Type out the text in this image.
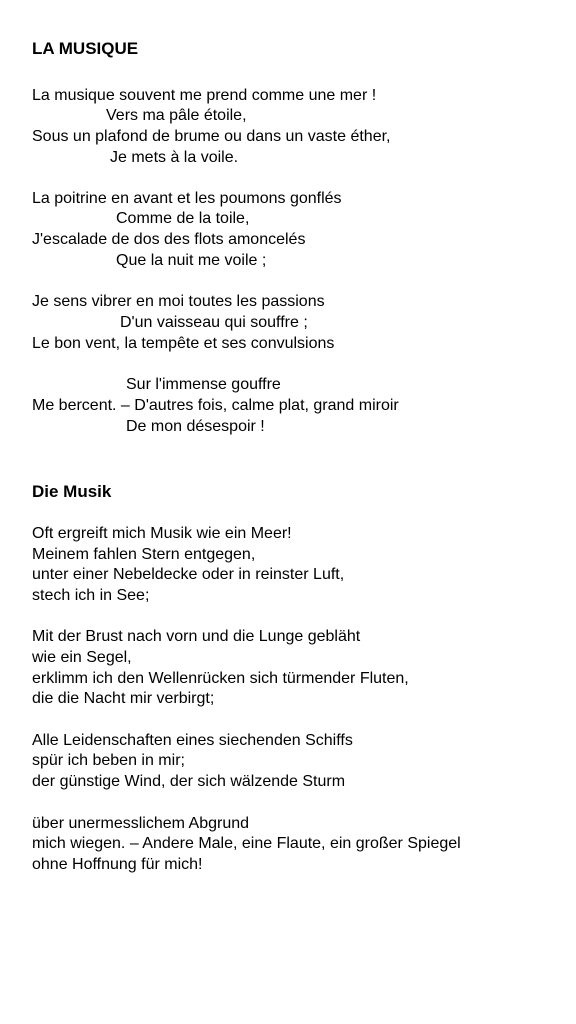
LA MUSIQUE
La musique souvent me prend comme une mer !
Vers ma pâle étoile,
Sous un plafond de brume ou dans un vaste éther,
Je mets à la voile.
La poitrine en avant et les poumons gonflés
Comme de la toile,
J'escalade de dos des flots amoncelés
Que la nuit me voile ;
Je sens vibrer en moi toutes les passions
D'un vaisseau qui souffre ;
Le bon vent, la tempête et ses convulsions
Sur l'immense gouffre
Me bercent. – D'autres fois, calme plat, grand miroir
De mon désespoir !
Die Musik
Oft ergreift mich Musik wie ein Meer!
Meinem fahlen Stern entgegen,
unter einer Nebeldecke oder in reinster Luft,
stech ich in See;
Mit der Brust nach vorn und die Lunge gebläht
wie ein Segel,
erklimm ich den Wellenrücken sich türmender Fluten,
die die Nacht mir verbirgt;
Alle Leidenschaften eines siechenden Schiffs
spür ich beben in mir;
der günstige Wind, der sich wälzende Sturm
über unermesslichem Abgrund
mich wiegen. – Andere Male, eine Flaute, ein großer Spiegel
ohne Hoffnung für mich!
